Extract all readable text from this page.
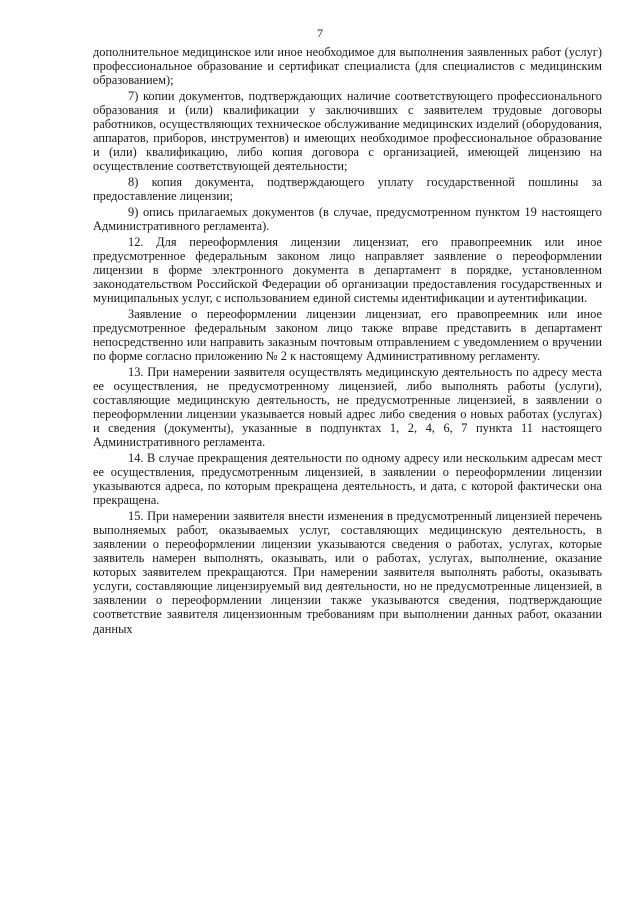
7

дополнительное медицинское или иное необходимое для выполнения заявленных работ (услуг) профессиональное образование и сертификат специалиста (для специалистов с медицинским образованием);

7) копии документов, подтверждающих наличие соответствующего профессионального образования и (или) квалификации у заключивших с заявителем трудовые договоры работников, осуществляющих техническое обслуживание медицинских изделий (оборудования, аппаратов, приборов, инструментов) и имеющих необходимое профессиональное образование и (или) квалификацию, либо копия договора с организацией, имеющей лицензию на осуществление соответствующей деятельности;

8) копия документа, подтверждающего уплату государственной пошлины за предоставление лицензии;

9) опись прилагаемых документов (в случае, предусмотренном пунктом 19 настоящего Административного регламента).

12. Для переоформления лицензии лицензиат, его правопреемник или иное предусмотренное федеральным законом лицо направляет заявление о переоформлении лицензии в форме электронного документа в департамент в порядке, установленном законодательством Российской Федерации об организации предоставления государственных и муниципальных услуг, с использованием единой системы идентификации и аутентификации.

Заявление о переоформлении лицензии лицензиат, его правопреемник или иное предусмотренное федеральным законом лицо также вправе представить в департамент непосредственно или направить заказным почтовым отправлением с уведомлением о вручении по форме согласно приложению № 2 к настоящему Административному регламенту.

13. При намерении заявителя осуществлять медицинскую деятельность по адресу места ее осуществления, не предусмотренному лицензией, либо выполнять работы (услуги), составляющие медицинскую деятельность, не предусмотренные лицензией, в заявлении о переоформлении лицензии указывается новый адрес либо сведения о новых работах (услугах) и сведения (документы), указанные в подпунктах 1, 2, 4, 6, 7 пункта 11 настоящего Административного регламента.

14. В случае прекращения деятельности по одному адресу или нескольким адресам мест ее осуществления, предусмотренным лицензией, в заявлении о переоформлении лицензии указываются адреса, по которым прекращена деятельность, и дата, с которой фактически она прекращена.

15. При намерении заявителя внести изменения в предусмотренный лицензией перечень выполняемых работ, оказываемых услуг, составляющих медицинскую деятельность, в заявлении о переоформлении лицензии указываются сведения о работах, услугах, которые заявитель намерен выполнять, оказывать, или о работах, услугах, выполнение, оказание которых заявителем прекращаются. При намерении заявителя выполнять работы, оказывать услуги, составляющие лицензируемый вид деятельности, но не предусмотренные лицензией, в заявлении о переоформлении лицензии также указываются сведения, подтверждающие соответствие заявителя лицензионным требованиям при выполнении данных работ, оказании данных
